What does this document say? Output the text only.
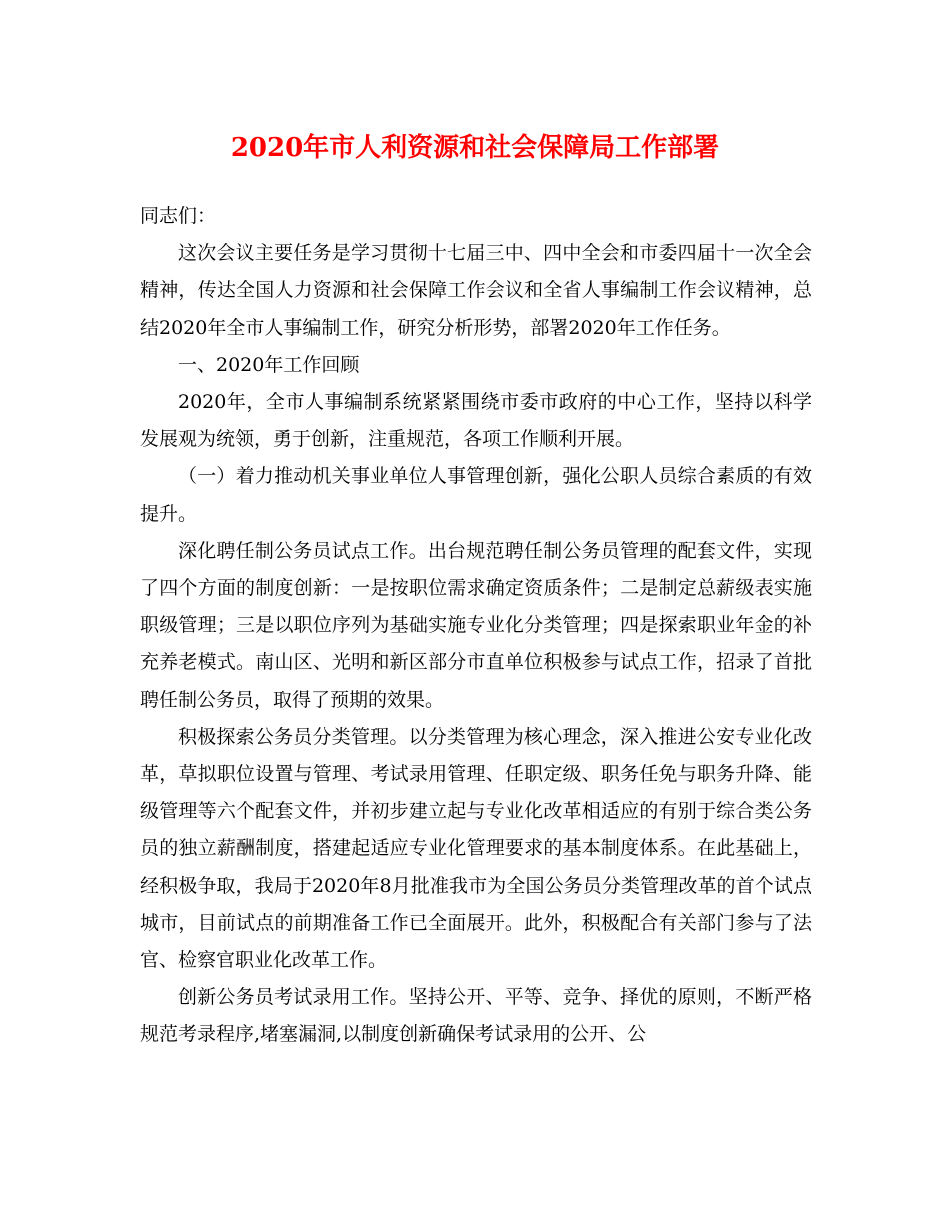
2020年市人利资源和社会保障局工作部署

同志们：

这次会议主要任务是学习贯彻十七届三中、四中全会和市委四届十一次全会精神，传达全国人力资源和社会保障工作会议和全省人事编制工作会议精神，总结2020年全市人事编制工作，研究分析形势，部署2020年工作任务。

一、2020年工作回顾

2020年，全市人事编制系统紧紧围绕市委市政府的中心工作，坚持以科学发展观为统领，勇于创新，注重规范，各项工作顺利开展。

（一）着力推动机关事业单位人事管理创新，强化公职人员综合素质的有效提升。

深化聘任制公务员试点工作。出台规范聘任制公务员管理的配套文件，实现了四个方面的制度创新：一是按职位需求确定资质条件；二是制定总薪级表实施职级管理；三是以职位序列为基础实施专业化分类管理；四是探索职业年金的补充养老模式。南山区、光明和新区部分市直单位积极参与试点工作，招录了首批聘任制公务员，取得了预期的效果。

积极探索公务员分类管理。以分类管理为核心理念，深入推进公安专业化改革，草拟职位设置与管理、考试录用管理、任职定级、职务任免与职务升降、能级管理等六个配套文件，并初步建立起与专业化改革相适应的有别于综合类公务员的独立薪酬制度，搭建起适应专业化管理要求的基本制度体系。在此基础上，经积极争取，我局于2020年8月批准我市为全国公务员分类管理改革的首个试点城市，目前试点的前期准备工作已全面展开。此外，积极配合有关部门参与了法官、检察官职业化改革工作。

创新公务员考试录用工作。坚持公开、平等、竞争、择优的原则，不断严格规范考录程序,堵塞漏洞,以制度创新确保考试录用的公开、公
